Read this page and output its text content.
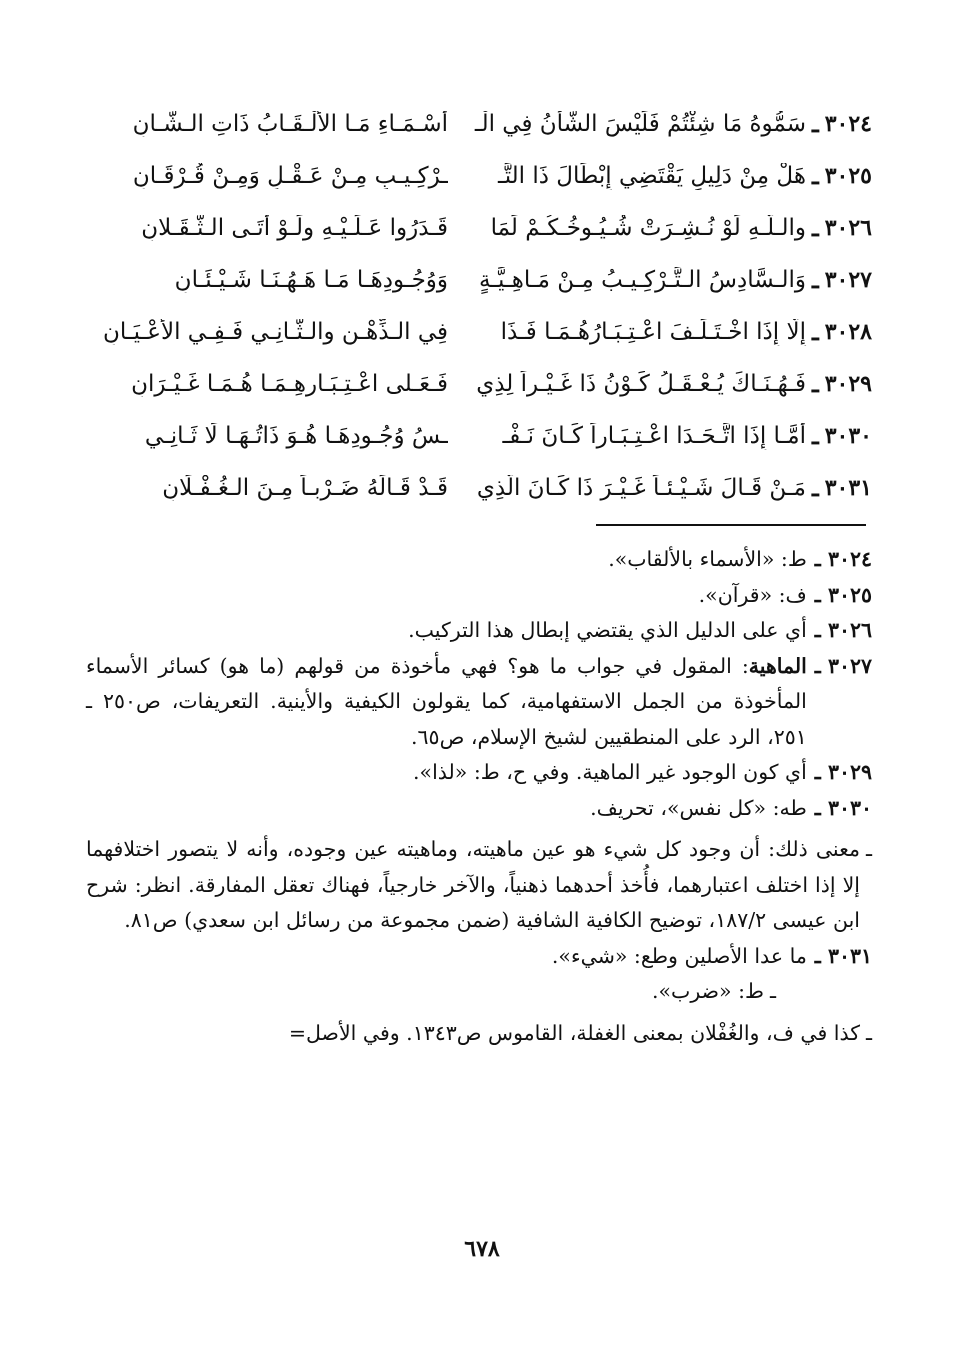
٣٠٢٤
ـ
سَمُّوهُ مَا شِئْتُمْ فَلَيْسَ الشَّأْنُ فِي الْـ
أَسْـمَـاءِ مَـا الأَلْـقَـابُ ذَاتِ الـشَّـانِ
٣٠٢٥
ـ
هَلْ مِنْ دَلِيلٍ يَقْتَضِي إِبْطَالَ ذَا التَّـ
ـرْكِـيـبِ مِـنْ عَـقْـلٍ وَمِـنْ قُـرْقَـانِ
٣٠٢٦
ـ
والـلَّـهِ لَوْ نُـشِـرَتْ شُـيُـوخُـكُـمْ لَمَا
قَـدَرُوا عَـلَـيْـهِ ولَـوْ أَتَـى الـثَّـقَـلانِ
٣٠٢٧
ـ
وَالـسَّادِسُ الـتَّـرْكِـيـبُ مِـنْ مَـاهِـيَّـةٍ
وَوُجُـودِهَـا مَـا هَـهُـنَـا شَـيْـئَـانِ
٣٠٢٨
ـ
إِلَّا إِذَا اخْـتَـلَـفَ اعْـتِـبَـارُهُـمَـا فَـذَا
فِي الـذِّهْـنِ والـثَّـانِـي فَـفِـي الأَعْـيَـانِ
٣٠٢٩
ـ
فَـهُـنَـاكَ يُـعْـقَـلُ كَـوْنُ ذَا غَـيْـراً لِذِي
فَـعَـلى اعْـتِـبَـارِهِـمَـا هُـمَـا غَـيْـرَانِ
٣٠٣٠
ـ
أَمَّـا إِذَا اتَّـحَـدَا اعْـتِـبَـاراً كَـانَ نَـفْـ
ـسُ وُجُـودِهَـا هُـوَ ذَاتُـهَـا لَا ثَـانِـي
٣٠٣١
ـ
مَـنْ قَـالَ شَـيْـئـاً غَـيْـرَ ذَا كَـانَ الَّذِي
قَـدْ قَـالَهُ ضَـرْبـاً مِـنَ الـغُـفْـلَانِ
٣٠٢٤ ـ
ط: «الأسماء بالألقاب».
٣٠٢٥ ـ
ف: «قرآن».
٣٠٢٦ ـ
أي على الدليل الذي يقتضي إبطال هذا التركيب.
٣٠٢٧ ـ
الماهية: المقول في جواب ما هو؟ فهي مأخوذة من قولهم (ما هو) كسائر الأسماء المأخوذة من الجمل الاستفهامية، كما يقولون الكيفية والأينية. التعريفات، ص٢٥٠ ـ ٢٥١، الرد على المنطقيين لشيخ الإسلام، ص٦٥.
٣٠٢٩ ـ
أي كون الوجود غير الماهية. وفي ح، ط: «لذا».
٣٠٣٠ ـ
طه: «كل نفس»، تحريف.
ـ
معنى ذلك: أن وجود كل شيء هو عين ماهيته، وماهيته عين وجوده، وأنه لا يتصور اختلافهما إلا إذا اختلف اعتبارهما، فأُخذ أحدهما ذهنياً، والآخر خارجياً، فهناك تعقل المفارقة. انظر: شرح ابن عيسى ١٨٧/٢، توضيح الكافية الشافية (ضمن مجموعة من رسائل ابن سعدي) ص٨١.
٣٠٣١ ـ
ما عدا الأصلين وطع: «شيء».
ـ
ط: «ضرب».
ـ
كذا في ف، والغُفْلان بمعنى الغفلة، القاموس ص١٣٤٣. وفي الأصل=
٦٧٨
